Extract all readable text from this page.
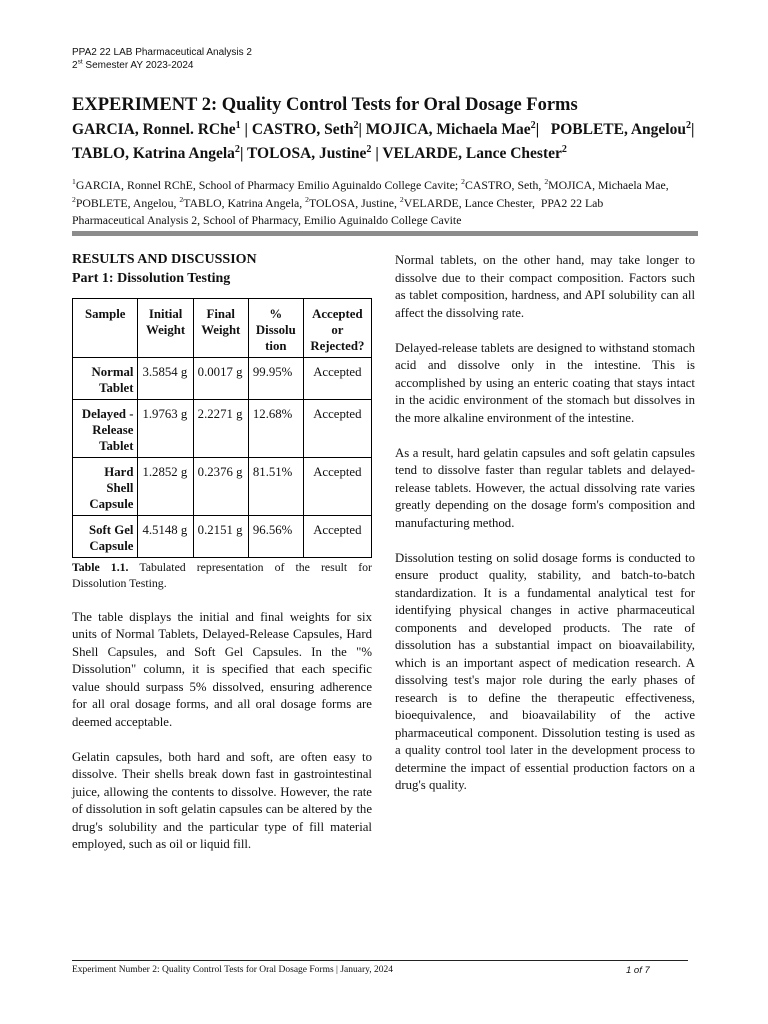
PPA2 22 LAB Pharmaceutical Analysis 2
2st Semester AY 2023-2024
EXPERIMENT 2: Quality Control Tests for Oral Dosage Forms
GARCIA, Ronnel. RChe$^1$ | CASTRO, Seth$^2$| MOJICA, Michaela Mae$^2$|   POBLETE, Angelou$^2$| TABLO, Katrina Angela$^2$| TOLOSA, Justine$^2$ | VELARDE, Lance Chester$^2$
$^1$GARCIA, Ronnel RChE, School of Pharmacy Emilio Aguinaldo College Cavite; $^2$CASTRO, Seth, $^2$MOJICA, Michaela Mae, $^2$POBLETE, Angelou, $^2$TABLO, Katrina Angela, $^2$TOLOSA, Justine, $^2$VELARDE, Lance Chester, PPA2 22 Lab Pharmaceutical Analysis 2, School of Pharmacy, Emilio Aguinaldo College Cavite
RESULTS AND DISCUSSION
Part 1: Dissolution Testing
Sample	Initial Weight	Final Weight	% Dissolu tion	Accepted or Rejected?
Normal Tablet	3.5854 g	0.0017 g	99.95%	Accepted
Delayed - Release Tablet	1.9763 g	2.2271 g	12.68%	Accepted
Hard Shell Capsule	1.2852 g	0.2376 g	81.51%	Accepted
Soft Gel Capsule	4.5148 g	0.2151 g	96.56%	Accepted
Table 1.1. Tabulated representation of the result for Dissolution Testing.

The table displays the initial and final weights for six units of Normal Tablets, Delayed-Release Capsules, Hard Shell Capsules, and Soft Gel Capsules. In the "% Dissolution" column, it is specified that each specific value should surpass 5% dissolved, ensuring adherence for all oral dosage forms, and all oral dosage forms are deemed acceptable.

Gelatin capsules, both hard and soft, are often easy to dissolve. Their shells break down fast in gastrointestinal juice, allowing the contents to dissolve. However, the rate of dissolution in soft gelatin capsules can be altered by the drug's solubility and the particular type of fill material employed, such as oil or liquid fill.

Normal tablets, on the other hand, may take longer to dissolve due to their compact composition. Factors such as tablet composition, hardness, and API solubility can all affect the dissolving rate.

Delayed-release tablets are designed to withstand stomach acid and dissolve only in the intestine. This is accomplished by using an enteric coating that stays intact in the acidic environment of the stomach but dissolves in the more alkaline environment of the intestine.

As a result, hard gelatin capsules and soft gelatin capsules tend to dissolve faster than regular tablets and delayed-release tablets. However, the actual dissolving rate varies greatly depending on the dosage form's composition and manufacturing method.

Dissolution testing on solid dosage forms is conducted to ensure product quality, stability, and batch-to-batch standardization. It is a fundamental analytical test for identifying physical changes in active pharmaceutical components and developed products. The rate of dissolution has a substantial impact on bioavailability, which is an important aspect of medication research. A dissolving test's major role during the early phases of research is to define the therapeutic effectiveness, bioequivalence, and bioavailability of the active pharmaceutical component. Dissolution testing is used as a quality control tool later in the development process to determine the impact of essential production factors on a drug's quality.

Experiment Number 2: Quality Control Tests for Oral Dosage Forms | January, 2024	1 of 7
